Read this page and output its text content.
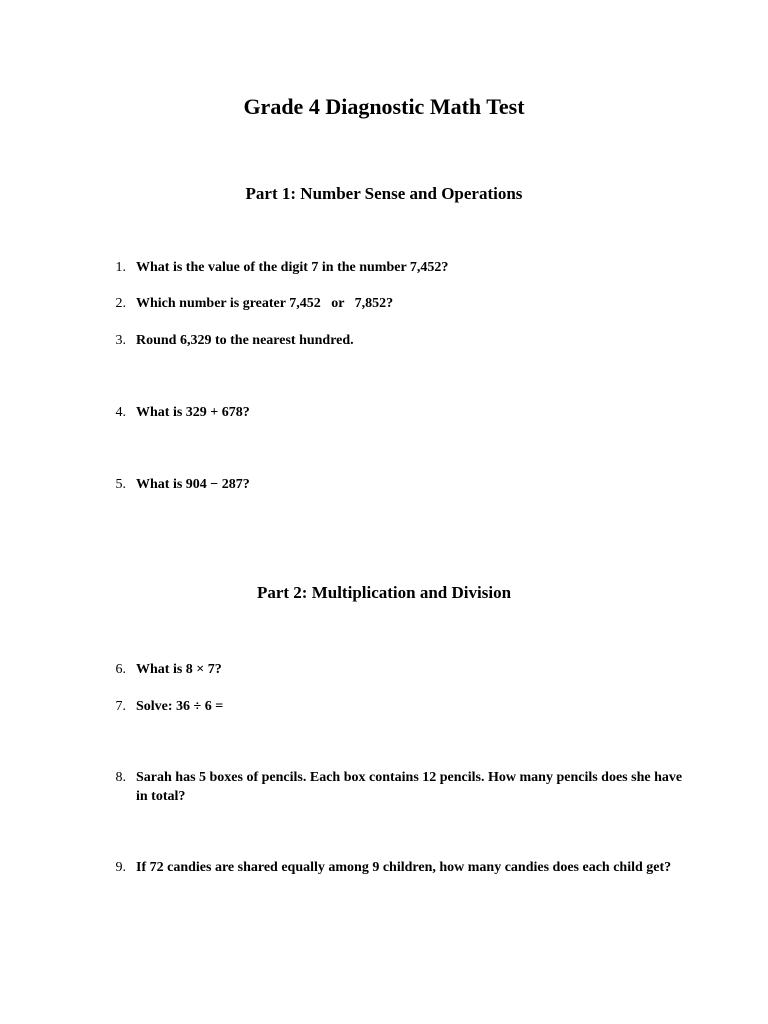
Grade 4 Diagnostic Math Test
Part 1: Number Sense and Operations
1. What is the value of the digit 7 in the number 7,452?
2. Which number is greater 7,452   or   7,852?
3. Round 6,329 to the nearest hundred.
4. What is 329 + 678?
5. What is 904 − 287?
Part 2: Multiplication and Division
6. What is 8 × 7?
7. Solve: 36 ÷ 6 =
8. Sarah has 5 boxes of pencils. Each box contains 12 pencils. How many pencils does she have in total?
9. If 72 candies are shared equally among 9 children, how many candies does each child get?
